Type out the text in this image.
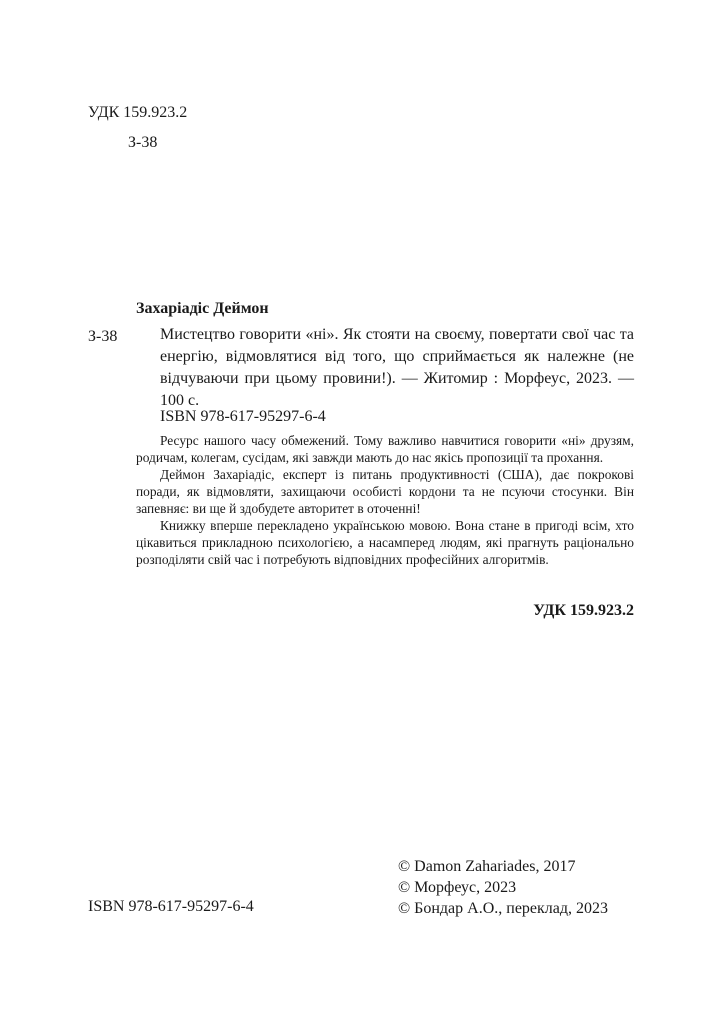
УДК 159.923.2
З-38
Захаріадіс Деймон
З-38	Мистецтво говорити «ні». Як стояти на своєму, повертати свої час та енергію, відмовлятися від того, що сприймається як належне (не відчуваючи при цьому провини!). — Житомир : Морфеус, 2023. — 100 с.
ISBN 978-617-95297-6-4

Ресурс нашого часу обмежений. Тому важливо навчитися говорити «ні» друзям, родичам, колегам, сусідам, які завжди мають до нас якісь пропозиції та прохання.

Деймон Захаріадіс, експерт із питань продуктивності (США), дає покрокові поради, як відмовляти, захищаючи особисті кордони та не псуючи стосунки. Він запевняє: ви ще й здобудете авторитет в оточенні!

Книжку вперше перекладено українською мовою. Вона стане в пригоді всім, хто цікавиться прикладною психологією, а насамперед людям, які прагнуть раціонально розподіляти свій час і потребують відповідних професійних алгоритмів.

УДК 159.923.2
ISBN 978-617-95297-6-4
© Damon Zahariades, 2017
© Морфеус, 2023
© Бондар А.О., переклад, 2023
